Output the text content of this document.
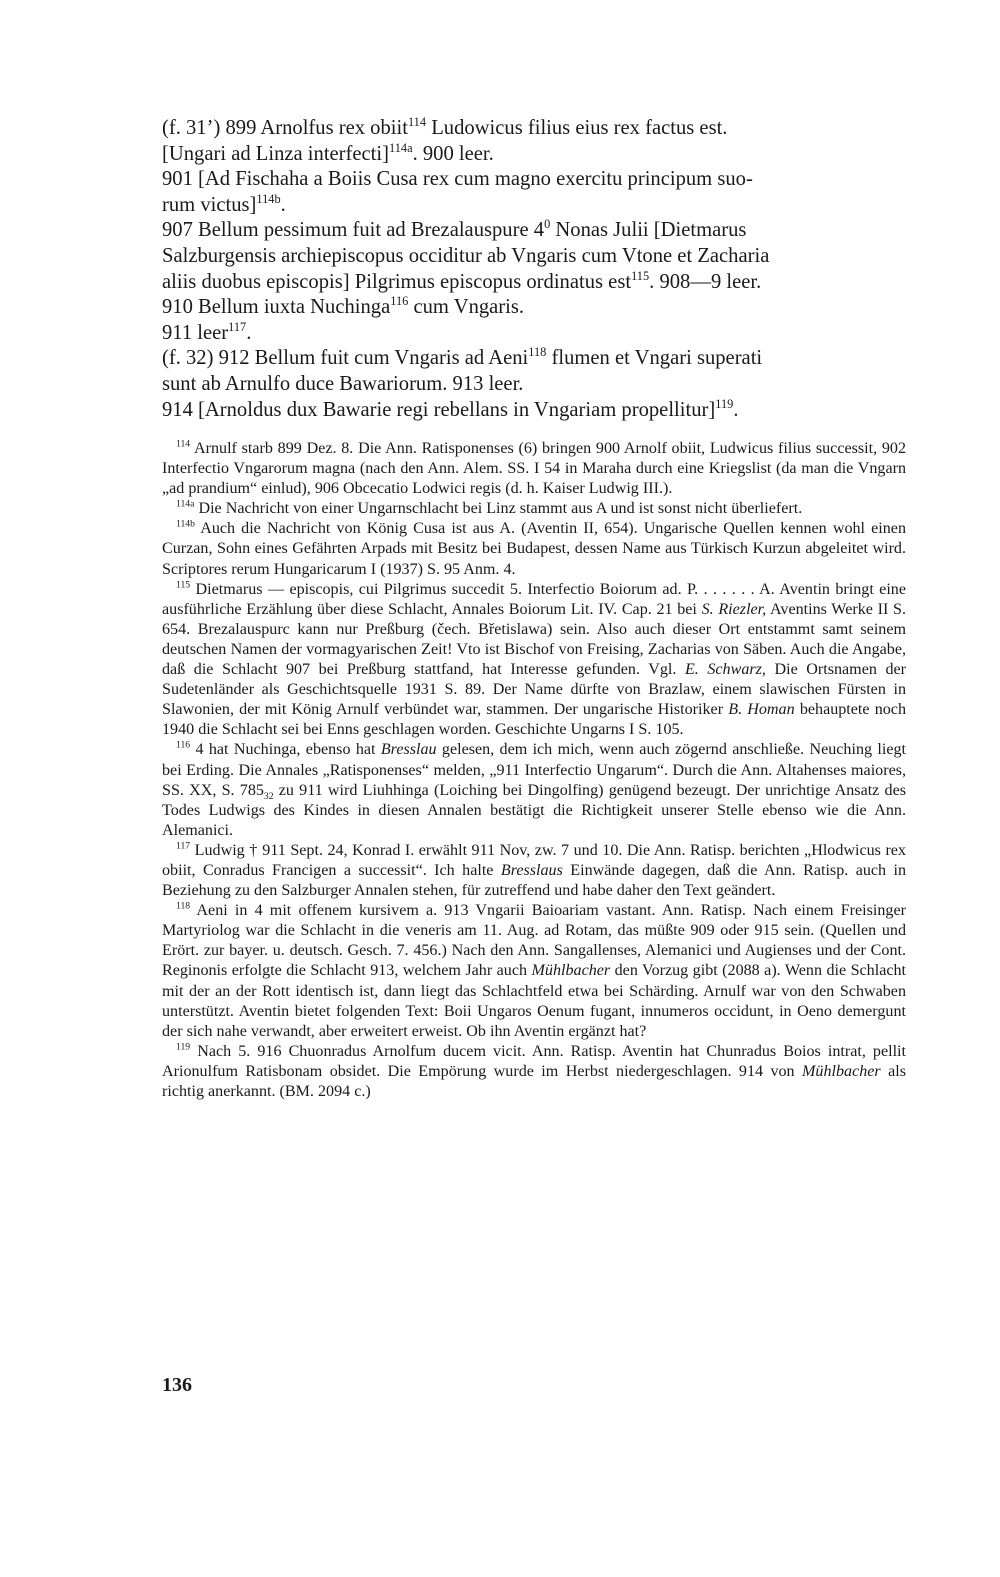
(f. 31’) 899 Arnolfus rex obiit$^{114}$ Ludowicus filius eius rex factus est.

[Ungari ad Linza interfecti]$^{114a}$. 900 leer.

901 [Ad Fischaha a Boiis Cusa rex cum magno exercitu principum suo-

rum victus]$^{114b}$.

907 Bellum pessimum fuit ad Brezalauspure $4^0$ Nonas Julii [Dietmarus

Salzburgensis archiepiscopus occiditur ab Vngaris cum Vtone et Zacharia

aliis duobus episcopis] Pilgrimus episcopus ordinatus est$^{115}$. 908—9 leer.

910 Bellum iuxta Nuchinga$^{116}$ cum Vngaris.

911 leer$^{117}$.

(f. 32) 912 Bellum fuit cum Vngaris ad Aeni$^{118}$ flumen et Vngari superati

sunt ab Arnulfo duce Bawariorum. 913 leer.

914 [Arnoldus dux Bawarie regi rebellans in Vngariam propellitur]$^{119}$.

$^{114}$ Arnulf starb 899 Dez. 8. Die Ann. Ratisponenses (6) bringen 900 Arnolf obiit, Ludwicus filius successit, 902 Interfectio Vngarorum magna (nach den Ann. Alem. SS. I 54 in Maraha durch eine Kriegslist (da man die Vngarn „ad prandium“ einlud), 906 Obcecatio Lodwici regis (d. h. Kaiser Ludwig III.).

$^{114a}$ Die Nachricht von einer Ungarnschlacht bei Linz stammt aus A und ist sonst nicht überliefert.

$^{114b}$ Auch die Nachricht von König Cusa ist aus A. (Aventin II, 654). Ungarische Quellen kennen wohl einen Curzan, Sohn eines Gefährten Arpads mit Besitz bei Budapest, dessen Name aus Türkisch Kurzun abgeleitet wird. Scriptores rerum Hungaricarum I (1937) S. 95 Anm. 4.

$^{115}$ Dietmarus — episcopis, cui Pilgrimus succedit 5. Interfectio Boiorum ad. P. . . . . . . A. Aventin bringt eine ausführliche Erzählung über diese Schlacht, Annales Boiorum Lit. IV. Cap. 21 bei S. Riezler, Aventins Werke II S. 654. Brezalauspurc kann nur Preßburg (čech. Břetislawa) sein. Also auch dieser Ort entstammt samt seinem deutschen Namen der vormagyarischen Zeit! Vto ist Bischof von Freising, Zacharias von Säben. Auch die Angabe, daß die Schlacht 907 bei Preßburg stattfand, hat Interesse gefunden. Vgl. E. Schwarz, Die Ortsnamen der Sudetenländer als Geschichtsquelle 1931 S. 89. Der Name dürfte von Brazlaw, einem slawischen Fürsten in Slawonien, der mit König Arnulf verbündet war, stammen. Der ungarische Historiker B. Homan behauptete noch 1940 die Schlacht sei bei Enns geschlagen worden. Geschichte Ungarns I S. 105.

$^{116}$ 4 hat Nuchinga, ebenso hat Bresslau gelesen, dem ich mich, wenn auch zögernd anschließe. Neuching liegt bei Erding. Die Annales „Ratisponenses“ melden, „911 Interfectio Ungarum“. Durch die Ann. Altahenses maiores, SS. XX, S. $785_{32}$ zu 911 wird Liuhhinga (Loiching bei Dingolfing) genügend bezeugt. Der unrichtige Ansatz des Todes Ludwigs des Kindes in diesen Annalen bestätigt die Richtigkeit unserer Stelle ebenso wie die Ann. Alemanici.

$^{117}$ Ludwig † 911 Sept. 24, Konrad I. erwählt 911 Nov, zw. 7 und 10. Die Ann. Ratisp. berichten „Hlodwicus rex obiit, Conradus Francigen a successit“. Ich halte Bresslaus Einwände dagegen, daß die Ann. Ratisp. auch in Beziehung zu den Salzburger Annalen stehen, für zutreffend und habe daher den Text geändert.

$^{118}$ Aeni in 4 mit offenem kursivem a. 913 Vngarii Baioariam vastant. Ann. Ratisp. Nach einem Freisinger Martyriolog war die Schlacht in die veneris am 11. Aug. ad Rotam, das müßte 909 oder 915 sein. (Quellen und Erört. zur bayer. u. deutsch. Gesch. 7. 456.) Nach den Ann. Sangallenses, Alemanici und Augienses und der Cont. Reginonis erfolgte die Schlacht 913, welchem Jahr auch Mühlbacher den Vorzug gibt (2088 a). Wenn die Schlacht mit der an der Rott identisch ist, dann liegt das Schlachtfeld etwa bei Schärding. Arnulf war von den Schwaben unterstützt. Aventin bietet folgenden Text: Boii Ungaros Oenum fugant, innumeros occidunt, in Oeno demergunt der sich nahe verwandt, aber erweitert erweist. Ob ihn Aventin ergänzt hat?

$^{119}$ Nach 5. 916 Chuonradus Arnolfum ducem vicit. Ann. Ratisp. Aventin hat Chunradus Boios intrat, pellit Arionulfum Ratisbonam obsidet. Die Empörung wurde im Herbst niedergeschlagen. 914 von Mühlbacher als richtig anerkannt. (BM. 2094 c.)

136
